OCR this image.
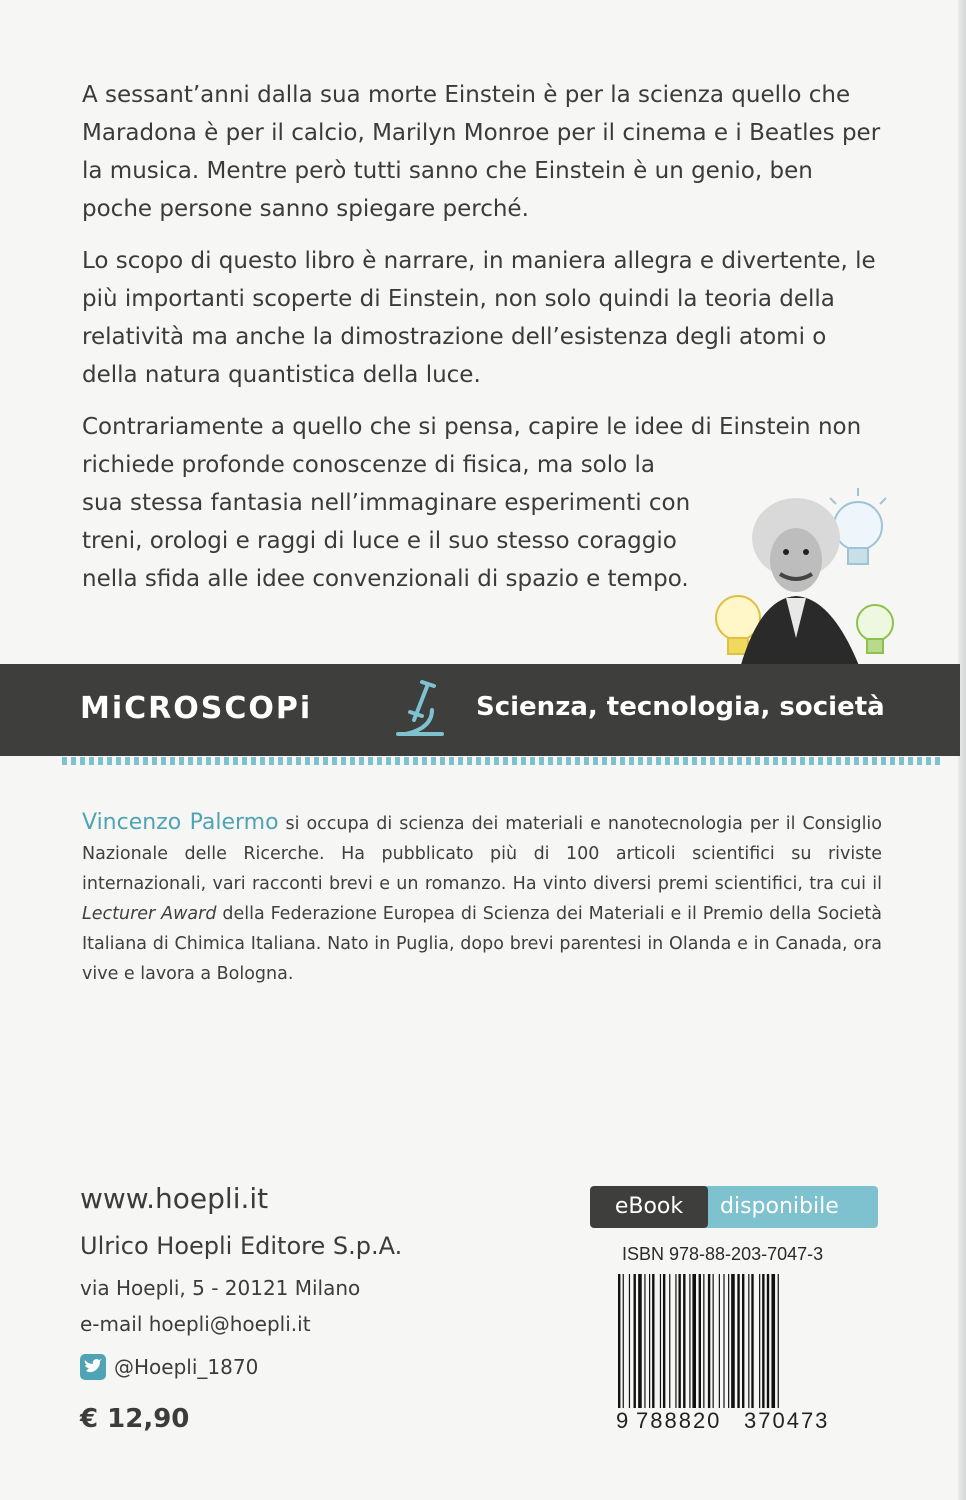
A sessant’anni dalla sua morte Einstein è per la scienza quello che Maradona è per il calcio, Marilyn Monroe per il cinema e i Beatles per la musica. Mentre però tutti sanno che Einstein è un genio, ben poche persone sanno spiegare perché.

Lo scopo di questo libro è narrare, in maniera allegra e divertente, le più importanti scoperte di Einstein, non solo quindi la teoria della relatività ma anche la dimostrazione dell’esistenza degli atomi o della natura quantistica della luce.

Contrariamente a quello che si pensa, capire le idee di Einstein non
richiede profonde conoscenze di fisica, ma solo la sua stessa fantasia nell’immaginare esperimenti con treni, orologi e raggi di luce e il suo stesso coraggio nella sfida alle idee convenzionali di spazio e tempo.

MiCROSCOPi	Scienza, tecnologia, società
Vincenzo Palermo si occupa di scienza dei materiali e nanotecnologia per il Consiglio Nazionale delle Ricerche. Ha pubblicato più di 100 articoli scientifici su riviste internazionali, vari racconti brevi e un romanzo. Ha vinto diversi premi scientifici, tra cui il Lecturer Award della Federazione Europea di Scienza dei Materiali e il Premio della Società Italiana di Chimica Italiana. Nato in Puglia, dopo brevi parentesi in Olanda e in Canada, ora vive e lavora a Bologna.
www.hoepli.it
Ulrico Hoepli Editore S.p.A.
via Hoepli, 5 - 20121 Milano
e-mail hoepli@hoepli.it
@Hoepli_1870
€ 12,90
eBook	disponibile
ISBN 978-88-203-7047-3
9 788820	370473
